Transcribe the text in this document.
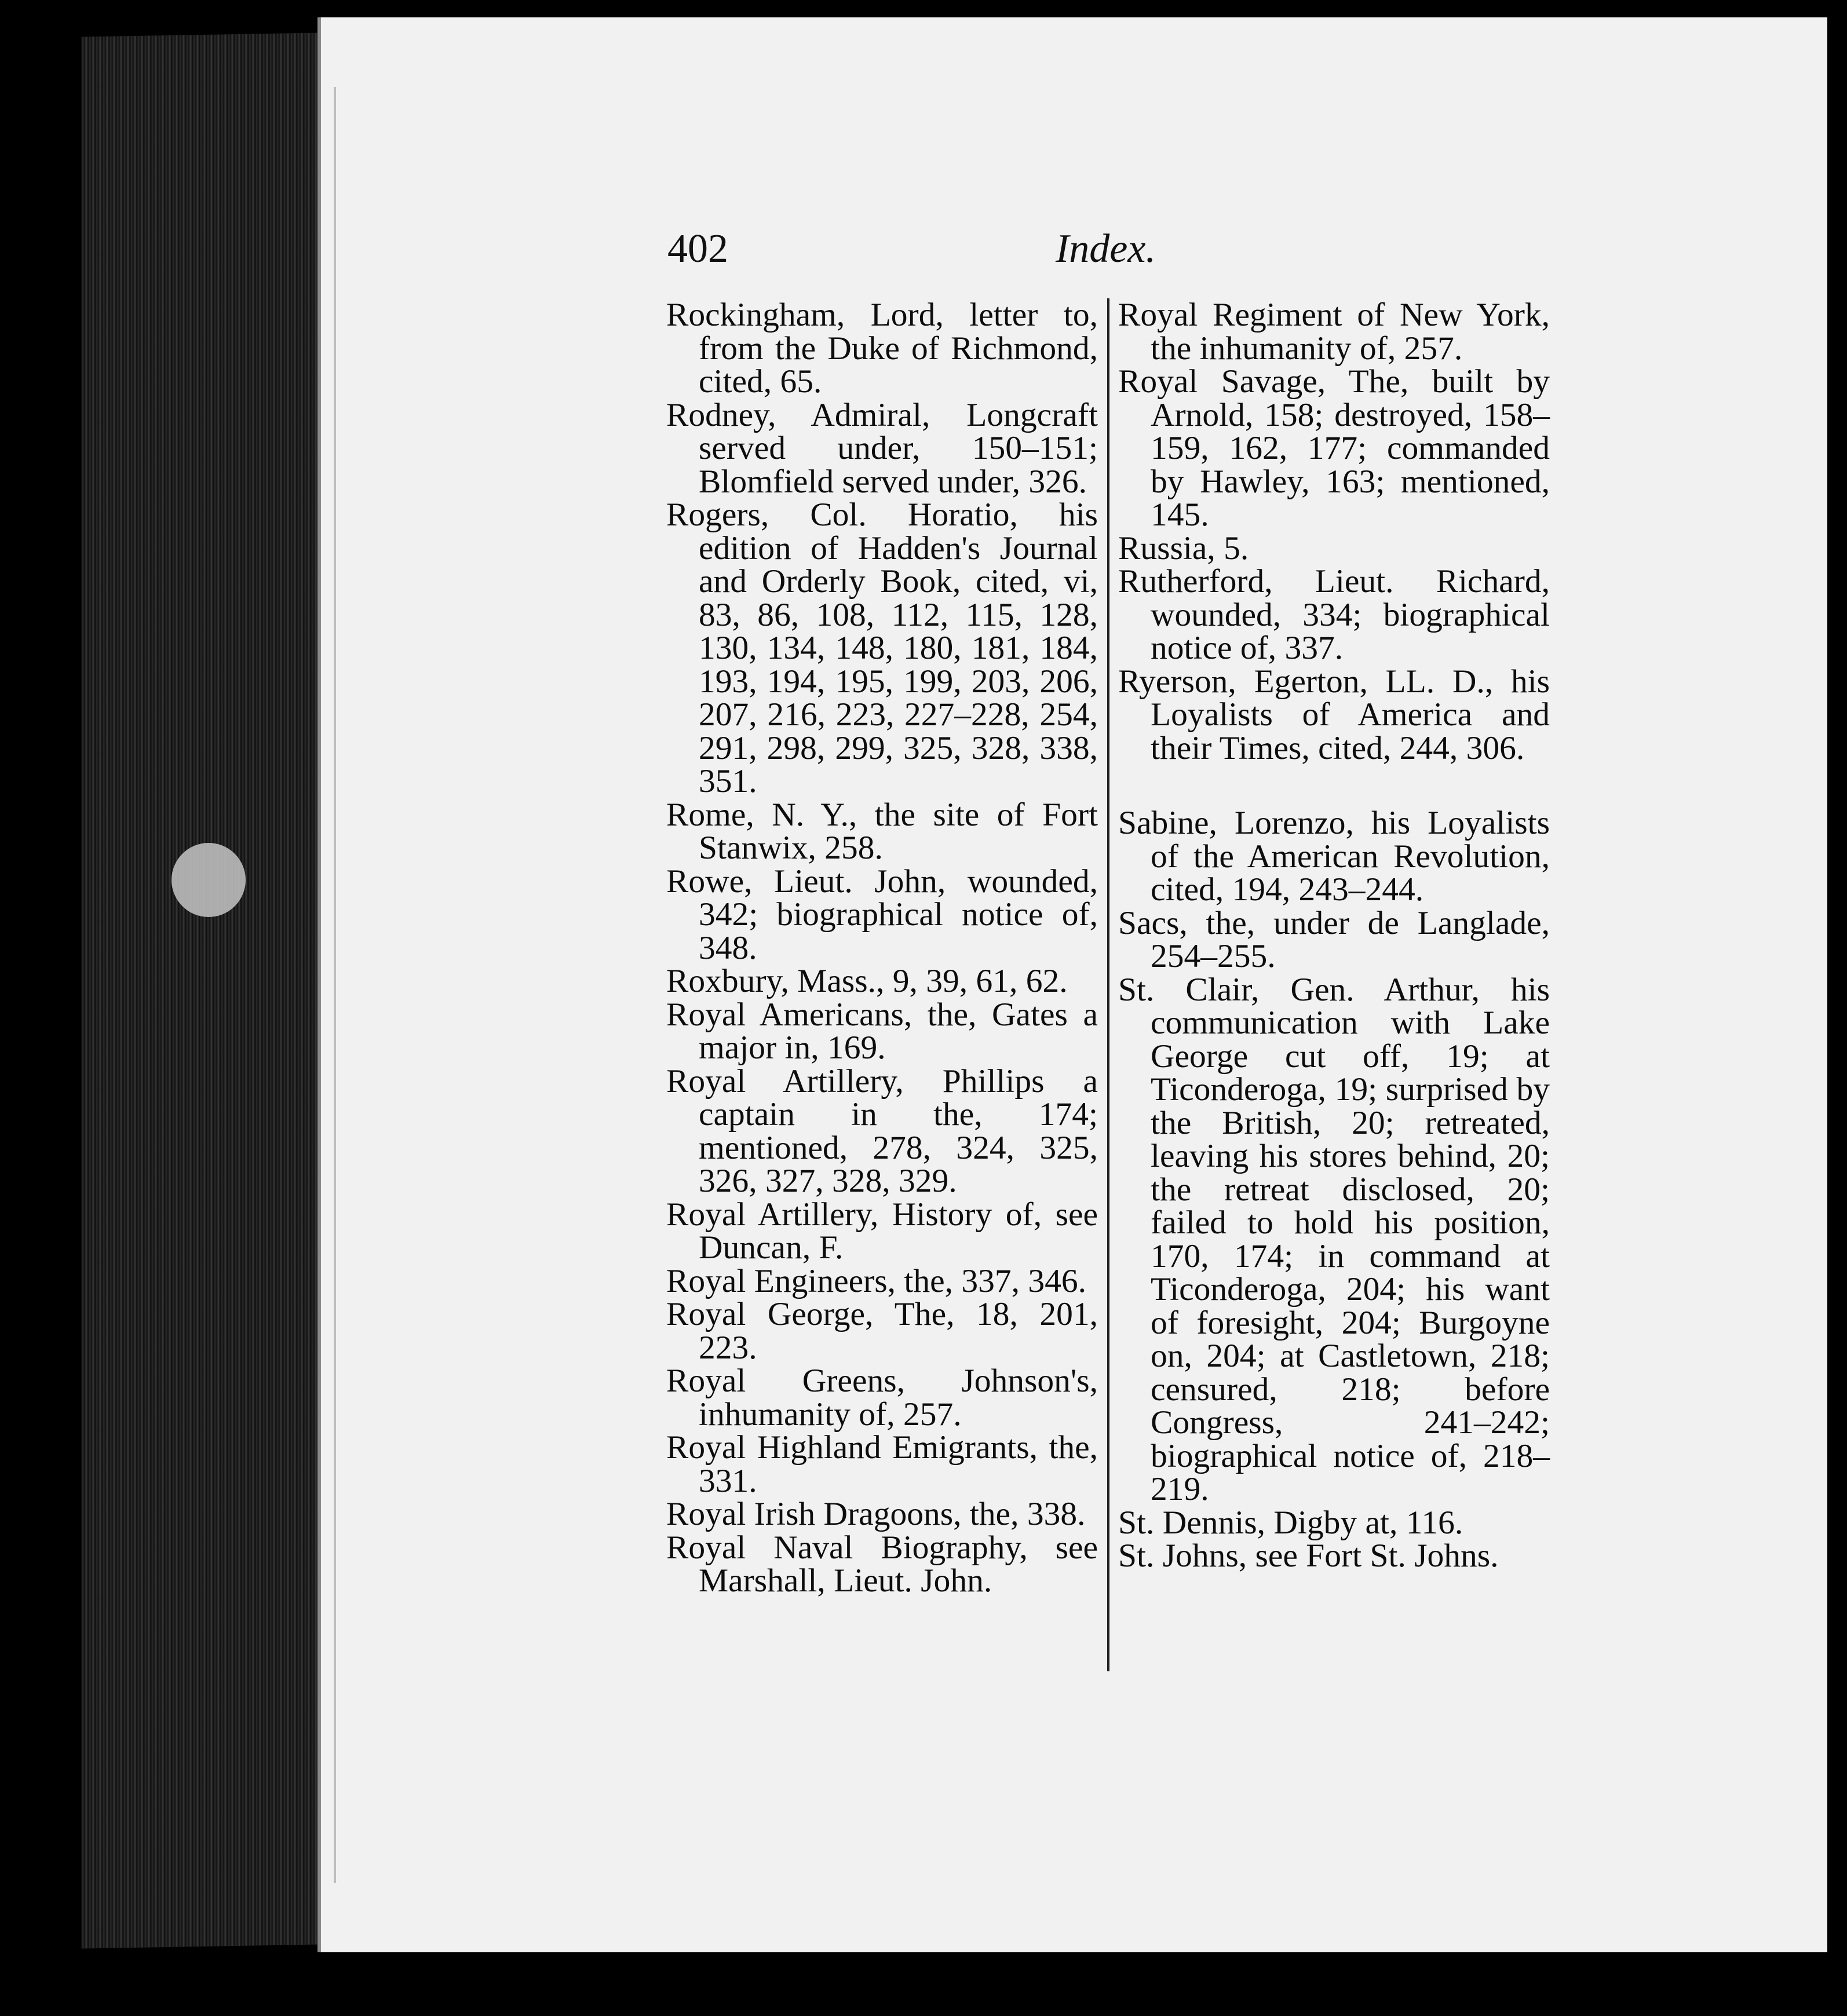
402	Index.

Rockingham, Lord, letter to, from the Duke of Richmond, cited, 65.

Rodney, Admiral, Longcraft served under, 150–151; Blomfield served under, 326.

Rogers, Col. Horatio, his edition of Hadden's Journal and Orderly Book, cited, vi, 83, 86, 108, 112, 115, 128, 130, 134, 148, 180, 181, 184, 193, 194, 195, 199, 203, 206, 207, 216, 223, 227–228, 254, 291, 298, 299, 325, 328, 338, 351.

Rome, N. Y., the site of Fort Stanwix, 258.

Rowe, Lieut. John, wounded, 342; biographical notice of, 348.

Roxbury, Mass., 9, 39, 61, 62.

Royal Americans, the, Gates a major in, 169.

Royal Artillery, Phillips a captain in the, 174; mentioned, 278, 324, 325, 326, 327, 328, 329.

Royal Artillery, History of, see Duncan, F.

Royal Engineers, the, 337, 346.

Royal George, The, 18, 201, 223.

Royal Greens, Johnson's, inhumanity of, 257.

Royal Highland Emigrants, the, 331.

Royal Irish Dragoons, the, 338.

Royal Naval Biography, see Marshall, Lieut. John.

Royal Regiment of New York, the inhumanity of, 257.

Royal Savage, The, built by Arnold, 158; destroyed, 158–159, 162, 177; commanded by Hawley, 163; mentioned, 145.

Russia, 5.

Rutherford, Lieut. Richard, wounded, 334; biographical notice of, 337.

Ryerson, Egerton, LL. D., his Loyalists of America and their Times, cited, 244, 306.

Sabine, Lorenzo, his Loyalists of the American Revolution, cited, 194, 243–244.

Sacs, the, under de Langlade, 254–255.

St. Clair, Gen. Arthur, his communication with Lake George cut off, 19; at Ticonderoga, 19; surprised by the British, 20; retreated, leaving his stores behind, 20; the retreat disclosed, 20; failed to hold his position, 170, 174; in command at Ticonderoga, 204; his want of foresight, 204; Burgoyne on, 204; at Castletown, 218; censured, 218; before Congress, 241–242; biographical notice of, 218–219.

St. Dennis, Digby at, 116.

St. Johns, see Fort St. Johns.
